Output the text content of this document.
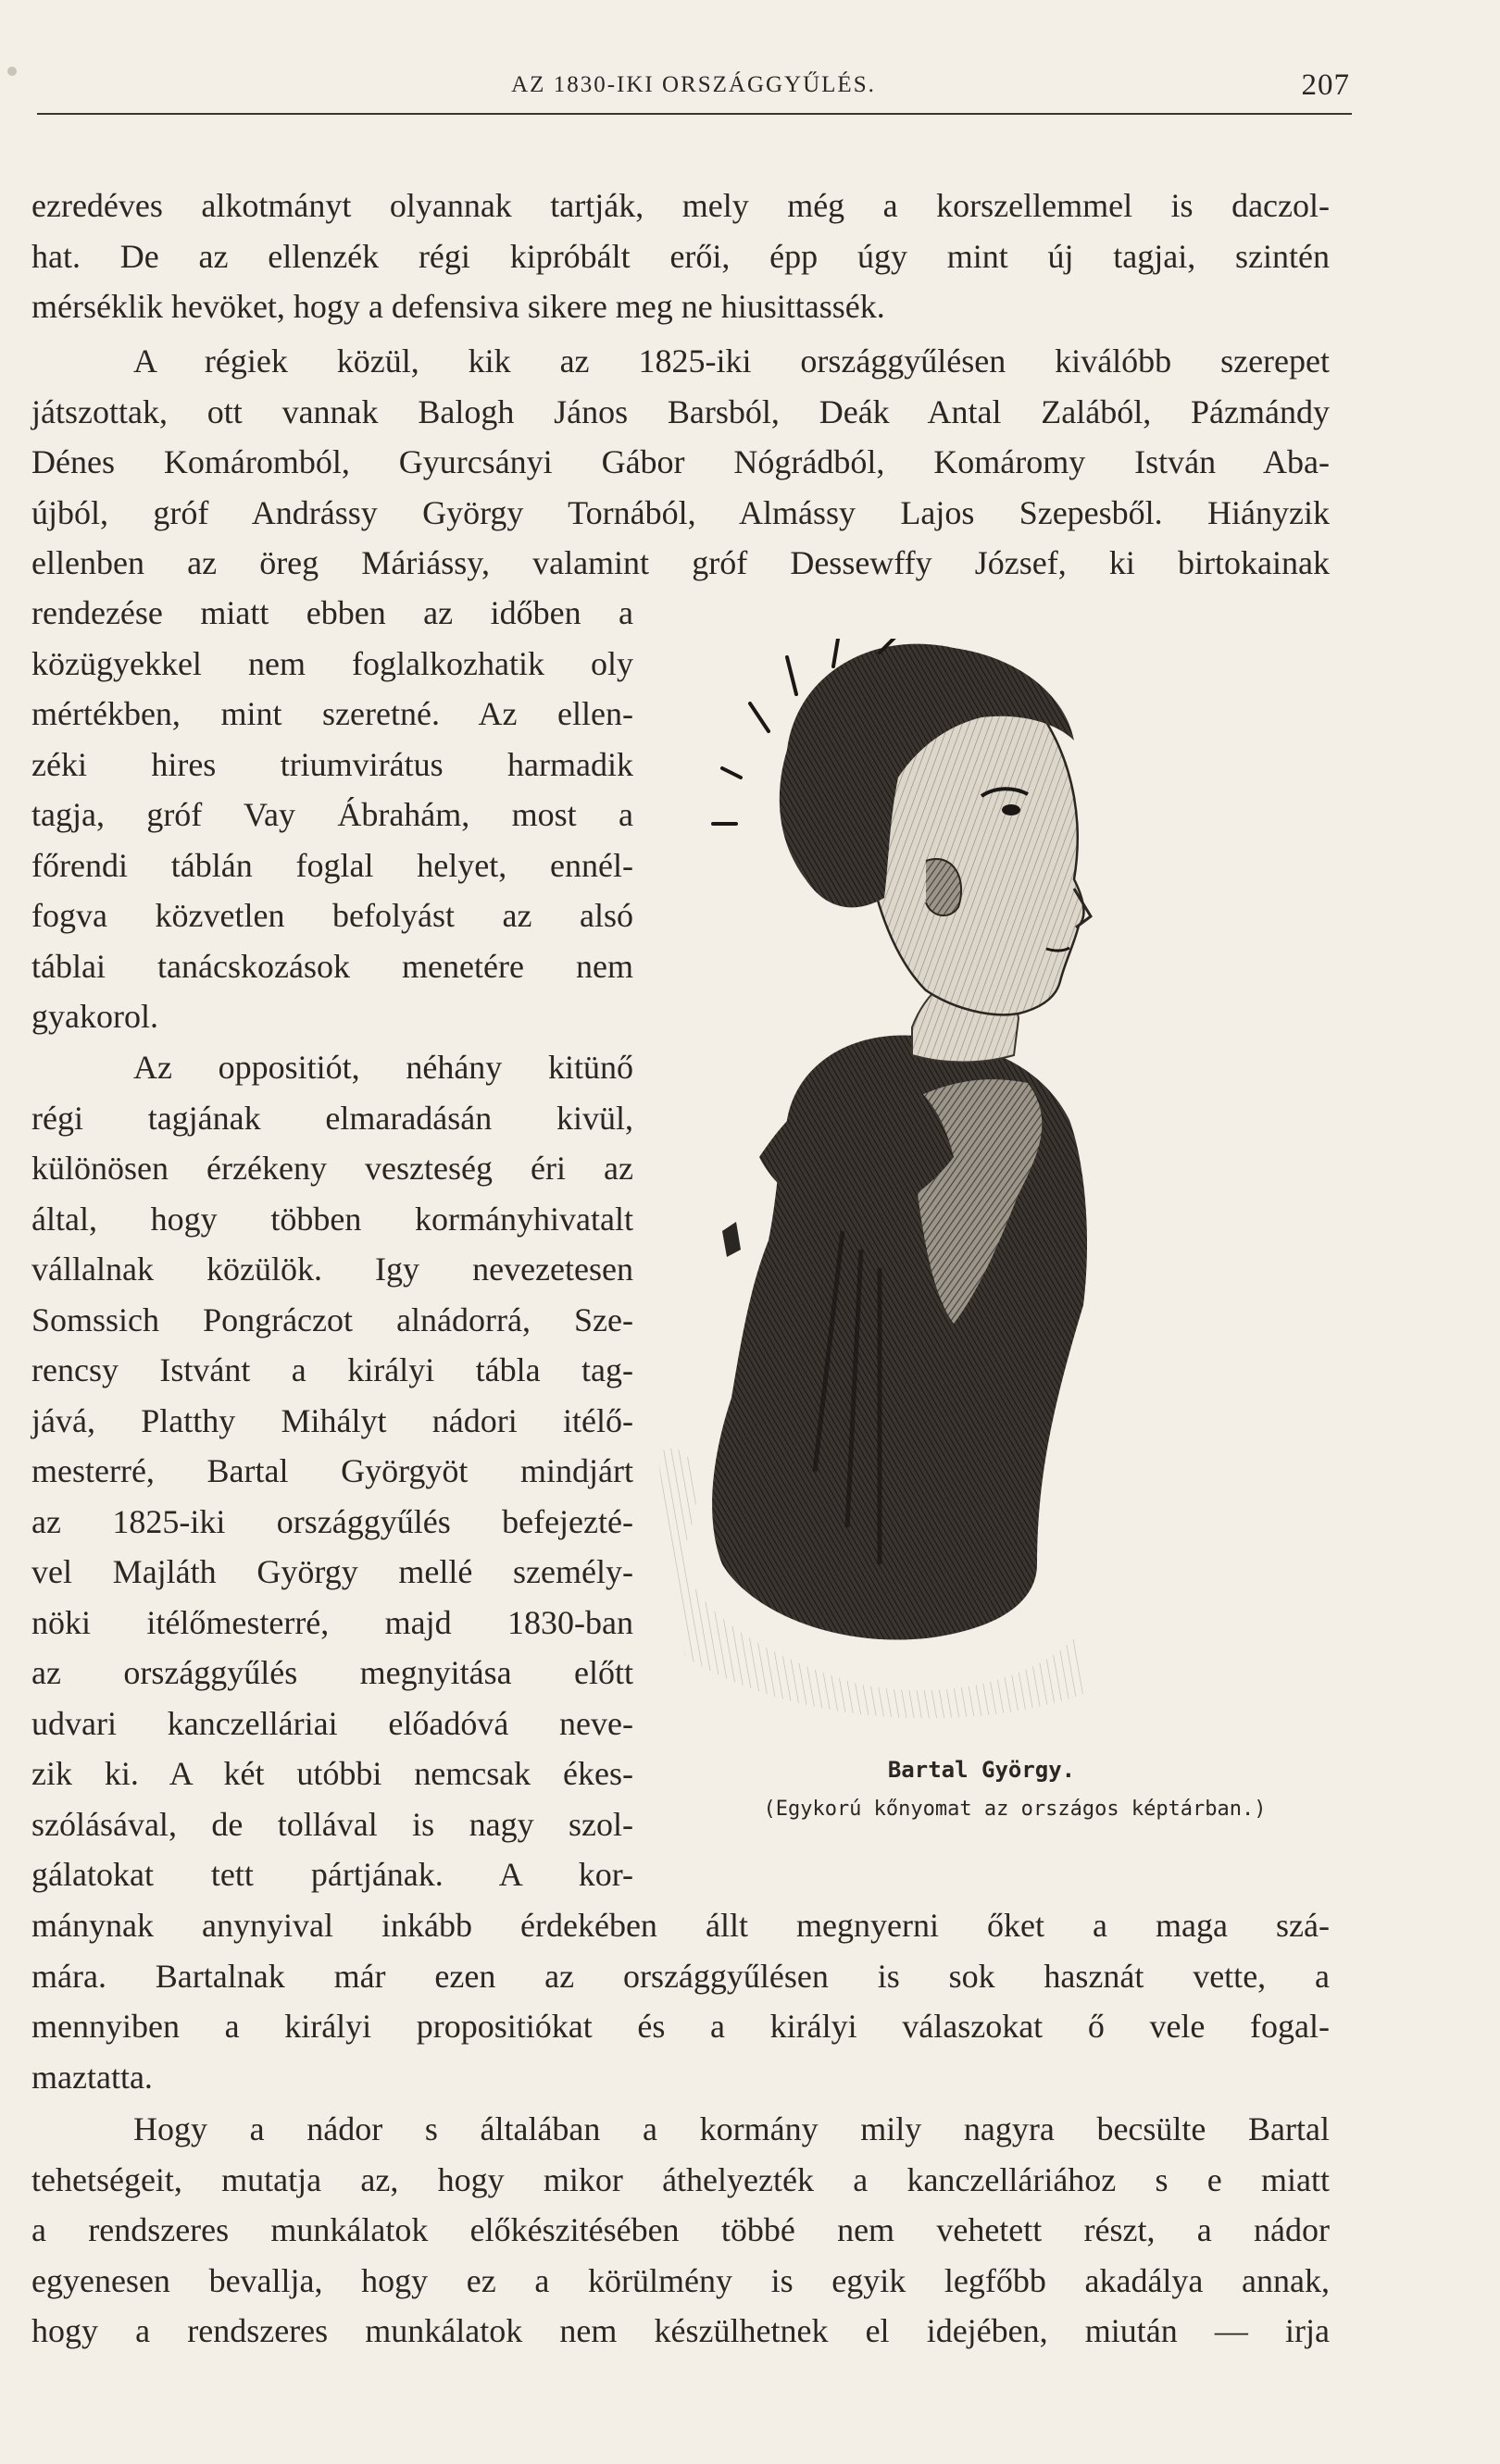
AZ 1830-IKI ORSZÁGGYŰLÉS.	207
ezredéves alkotmányt olyannak tartják, mely még a korszellemmel is daczol-
hat. De az ellenzék régi kipróbált erői, épp úgy mint új tagjai, szintén
mérséklik hevöket, hogy a defensiva sikere meg ne hiusittassék.
A régiek közül, kik az 1825-iki országgyűlésen kiválóbb szerepet
játszottak, ott vannak Balogh János Barsból, Deák Antal Zalából, Pázmándy
Dénes Komáromból, Gyurcsányi Gábor Nógrádból, Komáromy István Aba-
újból, gróf Andrássy György Tornából, Almássy Lajos Szepesből. Hiányzik
ellenben az öreg Máriássy, valamint gróf Dessewffy József, ki birtokainak
rendezése miatt ebben az időben a
közügyekkel nem foglalkozhatik oly
mértékben, mint szeretné. Az ellen-
zéki hires triumvirátus harmadik
tagja, gróf Vay Ábrahám, most a
főrendi táblán foglal helyet, ennél-
fogva közvetlen befolyást az alsó
táblai tanácskozások menetére nem
gyakorol.
Az oppositiót, néhány kitünő
régi tagjának elmaradásán kivül,
különösen érzékeny veszteség éri az
által, hogy többen kormányhivatalt
vállalnak közülök. Igy nevezetesen
Somssich Pongráczot alnádorrá, Sze-
rencsy Istvánt a királyi tábla tag-
jává, Platthy Mihályt nádori itélő-
mesterré, Bartal Györgyöt mindjárt
az 1825-iki országgyűlés befejezté-
vel Majláth György mellé személy-
nöki itélőmesterré, majd 1830-ban
az országgyűlés megnyitása előtt
udvari kanczelláriai előadóvá neve-
zik ki. A két utóbbi nemcsak ékes-
szólásával, de tollával is nagy szol-
gálatokat tett pártjának. A kor-
mánynak anynyival inkább érdekében állt megnyerni őket a maga szá-
mára. Bartalnak már ezen az országgyűlésen is sok hasznát vette, a
mennyiben a királyi propositiókat és a királyi válaszokat ő vele fogal-
maztatta.
Hogy a nádor s általában a kormány mily nagyra becsülte Bartal
tehetségeit, mutatja az, hogy mikor áthelyezték a kanczelláriához s e miatt
a rendszeres munkálatok előkészitésében többé nem vehetett részt, a nádor
egyenesen bevallja, hogy ez a körülmény is egyik legfőbb akadálya annak,
hogy a rendszeres munkálatok nem készülhetnek el idejében, miután — irja
Bartal György.
(Egykorú kőnyomat az országos képtárban.)
